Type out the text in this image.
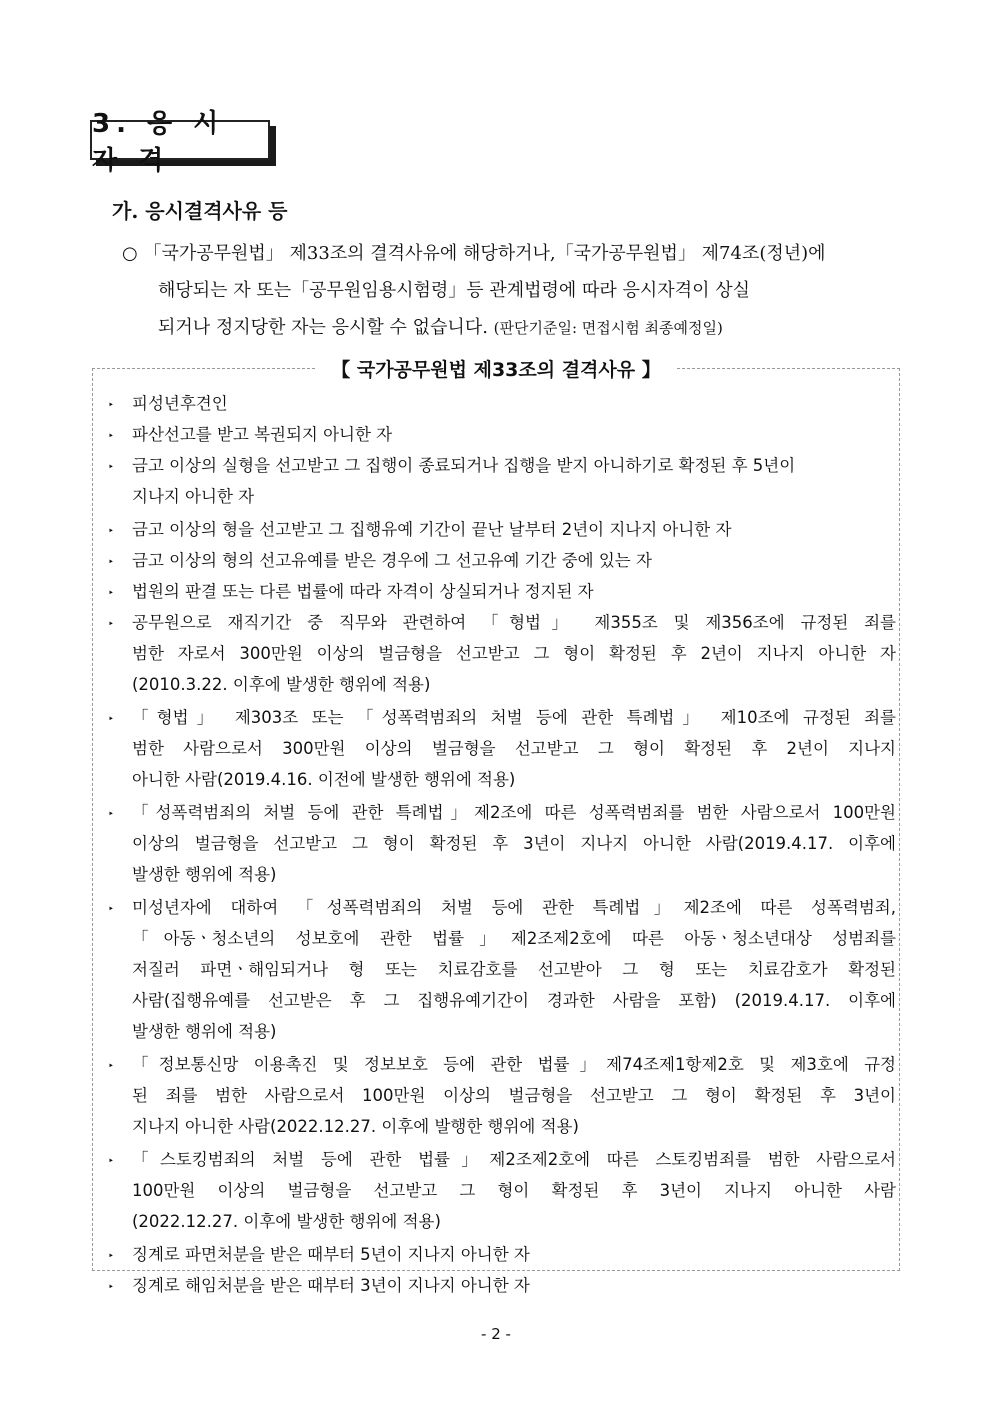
3. 응 시 자 격
가. 응시결격사유 등
○ 「국가공무원법」 제33조의 결격사유에 해당하거나,「국가공무원법」 제74조(정년)에
해당되는 자 또는「공무원임용시험령」등 관계법령에 따라 응시자격이 상실
되거나 정지당한 자는 응시할 수 없습니다. (판단기준일: 면접시험 최종예정일)
【 국가공무원법 제33조의 결격사유 】
‣	피성년후견인
‣	파산선고를 받고 복권되지 아니한 자
‣	금고 이상의 실형을 선고받고 그 집행이 종료되거나 집행을 받지 아니하기로 확정된 후 5년이
지나지 아니한 자
‣	금고 이상의 형을 선고받고 그 집행유예 기간이 끝난 날부터 2년이 지나지 아니한 자
‣	금고 이상의 형의 선고유예를 받은 경우에 그 선고유예 기간 중에 있는 자
‣	법원의 판결 또는 다른 법률에 따라 자격이 상실되거나 정지된 자
‣	공무원으로 재직기간 중 직무와 관련하여 「형법」 제355조 및 제356조에 규정된 죄를
범한 자로서 300만원 이상의 벌금형을 선고받고 그 형이 확정된 후 2년이 지나지 아니한 자
(2010.3.22. 이후에 발생한 행위에 적용)
‣	「형법」 제303조 또는 「성폭력범죄의 처벌 등에 관한 특례법」 제10조에 규정된 죄를
범한 사람으로서 300만원 이상의 벌금형을 선고받고 그 형이 확정된 후 2년이 지나지
아니한 사람(2019.4.16. 이전에 발생한 행위에 적용)
‣	「성폭력범죄의 처벌 등에 관한 특례법」제2조에 따른 성폭력범죄를 범한 사람으로서 100만원
이상의 벌금형을 선고받고 그 형이 확정된 후 3년이 지나지 아니한 사람(2019.4.17. 이후에
발생한 행위에 적용)
‣	미성년자에 대하여 「성폭력범죄의 처벌 등에 관한 특례법」제2조에 따른 성폭력범죄,
「아동ㆍ청소년의 성보호에 관한 법률」제2조제2호에 따른 아동ㆍ청소년대상 성범죄를
저질러 파면ㆍ해임되거나 형 또는 치료감호를 선고받아 그 형 또는 치료감호가 확정된
사람(집행유예를 선고받은 후 그 집행유예기간이 경과한 사람을 포함) (2019.4.17. 이후에
발생한 행위에 적용)
‣	「정보통신망 이용촉진 및 정보보호 등에 관한 법률」제74조제1항제2호 및 제3호에 규정
된 죄를 범한 사람으로서 100만원 이상의 벌금형을 선고받고 그 형이 확정된 후 3년이
지나지 아니한 사람(2022.12.27. 이후에 발행한 행위에 적용)
‣	「스토킹범죄의 처벌 등에 관한 법률」제2조제2호에 따른 스토킹범죄를 범한 사람으로서
100만원 이상의 벌금형을 선고받고 그 형이 확정된 후 3년이 지나지 아니한 사람
(2022.12.27. 이후에 발생한 행위에 적용)
‣	징계로 파면처분을 받은 때부터 5년이 지나지 아니한 자
‣	징계로 해임처분을 받은 때부터 3년이 지나지 아니한 자
- 2 -
